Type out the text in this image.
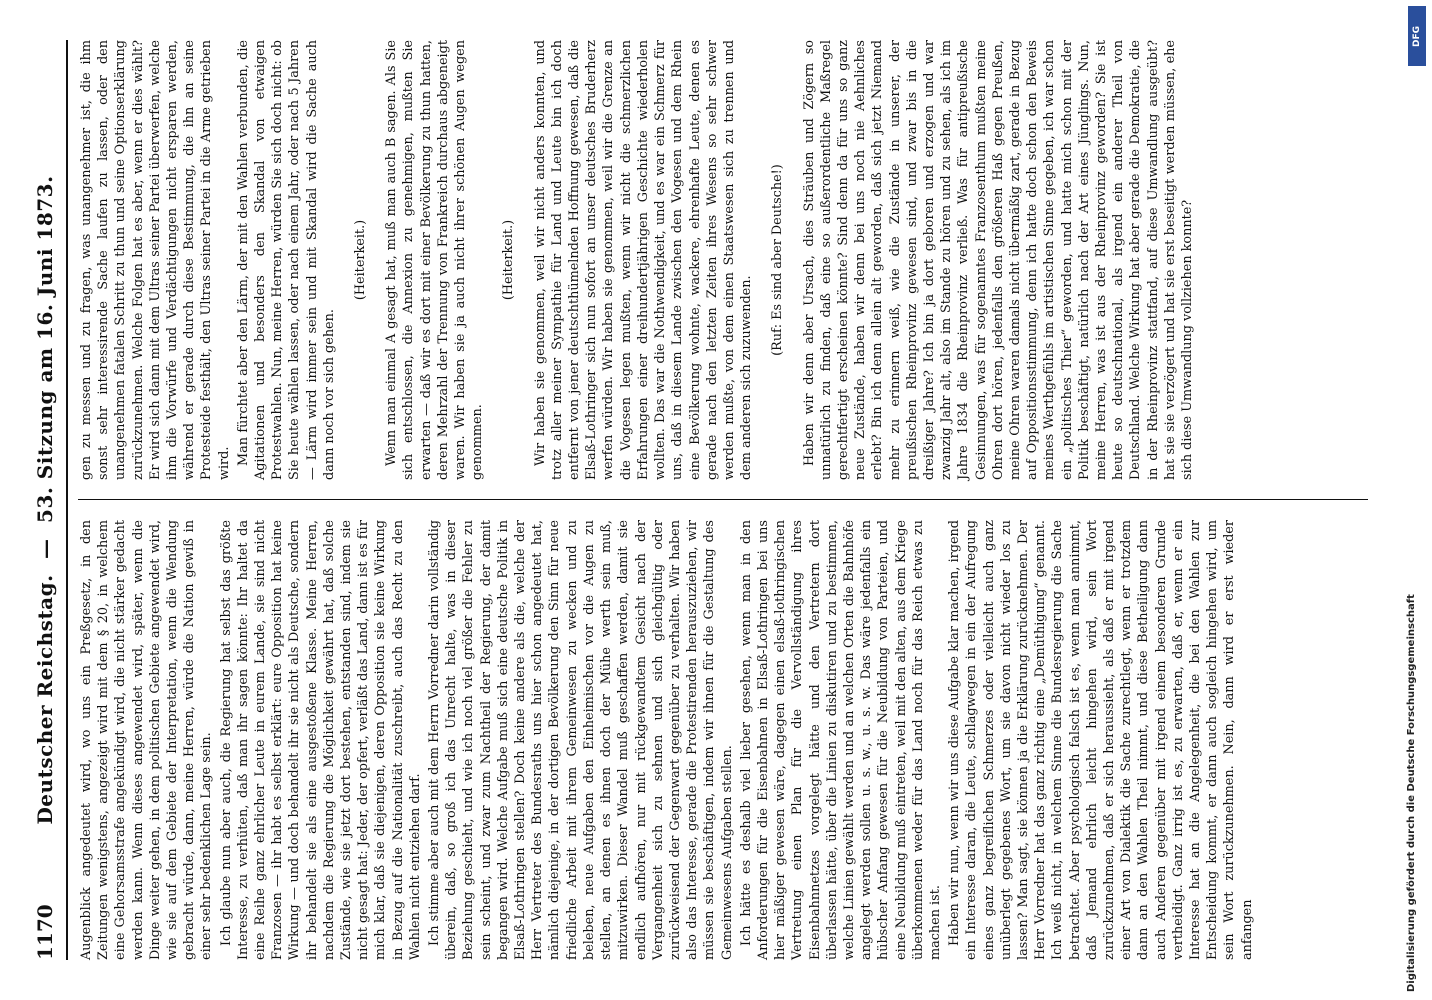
1170
Deutscher Reichstag. — 53. Sitzung am 16. Juni 1873.

Augenblick angedeutet wird, wo uns ein Preßgesetz, in den Zeitungen wenigstens, angezeigt wird mit dem § 20, in welchem eine Gehorsamsstrafe angekündigt wird, die nicht stärker gedacht werden kann. Wenn dieses angewendet wird, später, wenn die Dinge weiter gehen, in dem politischen Gebiete angewendet wird, wie sie auf dem Gebiete der Interpretation, wenn die Wendung gebracht würde, dann, meine Herren, würde die Nation gewiß in einer sehr bedenklichen Lage sein. Ich glaube nun aber auch, die Regierung hat selbst das größte Interesse, zu verhüten, daß man ihr sagen könnte: Ihr haltet da eine Reihe ganz ehrlicher Leute in eurem Lande, sie sind nicht Franzosen — ihr habt es selbst erklärt: eure Opposition hat keine Wirkung — und doch behandelt ihr sie nicht als Deutsche, sondern ihr behandelt sie als eine ausgestoßene Klasse. Meine Herren, nachdem die Regierung die Möglichkeit gewährt hat, daß solche Zustände, wie sie jetzt dort bestehen, entstanden sind, indem sie nicht gesagt hat: Jeder, der opfert, verläßt das Land, dann ist es für mich klar, daß sie diejenigen, deren Opposition sie keine Wirkung in Bezug auf die Nationalität zuschreibt, auch das Recht zu den Wahlen nicht entziehen darf. Ich stimme aber auch mit dem Herrn Vorredner darin vollständig überein, daß, so groß ich das Unrecht halte, was in dieser Beziehung geschieht, und wie ich noch viel größer die Fehler zu sein scheint, und zwar zum Nachtheil der Regierung, der damit begangen wird. Welche Aufgabe muß sich eine deutsche Politik in Elsaß-Lothringen stellen? Doch keine andere als die, welche der Herr Vertreter des Bundesraths uns hier schon angedeutet hat, nämlich diejenige, in der dortigen Bevölkerung den Sinn für neue friedliche Arbeit mit ihrem Gemeinwesen zu wecken und zu beleben, neue Aufgaben den Einheimischen vor die Augen zu stellen, an denen es ihnen doch der Mühe werth sein muß, mitzuwirken. Dieser Wandel muß geschaffen werden, damit sie endlich aufhören, nur mit rückgewandtem Gesicht nach der Vergangenheit sich zu sehnen und sich gleichgültig oder zurückweisend der Gegenwart gegenüber zu verhalten. Wir haben also das Interesse, gerade die Protestirenden herauszuziehen, wir müssen sie beschäftigen, indem wir ihnen für die Gestaltung des Gemeinwesens Aufgaben stellen. Ich hätte es deshalb viel lieber gesehen, wenn man in den Anforderungen für die Eisenbahnen in Elsaß-Lothringen bei uns hier mäßiger gewesen wäre, dagegen einen elsaß-lothringischen Vertretung einen Plan für die Vervollständigung ihres Eisenbahnnetzes vorgelegt hätte und den Vertretern dort überlassen hätte, über die Linien zu diskutiren und zu bestimmen, welche Linien gewählt werden und an welchen Orten die Bahnhöfe angelegt werden sollen u. s. w., u. s. w. Das wäre jedenfalls ein hübscher Anfang gewesen für die Neubildung von Parteien, und eine Neubildung muß eintreten, weil mit den alten, aus dem Kriege überkommenen weder für das Land noch für das Reich etwas zu machen ist. Haben wir nun, wenn wir uns diese Aufgabe klar machen, irgend ein Interesse daran, die Leute, schlagwegen in ein der Aufregung eines ganz begreiflichen Schmerzes oder vielleicht auch ganz unüberlegt gegebenes Wort, um sie davon nicht wieder los zu lassen? Man sagt, sie können ja die Erklärung zurücknehmen. Der Herr Vorredner hat das ganz richtig eine „Demüthigung“ genannt. Ich weiß nicht, in welchem Sinne die Bundesregierung die Sache betrachtet. Aber psychologisch falsch ist es, wenn man annimmt, daß Jemand ehrlich leicht hingehen wird, sein Wort zurückzunehmen, daß er sich heraussieht, als daß er mit irgend einer Art von Dialektik die Sache zurechtlegt, wenn er trotzdem dann an den Wahlen Theil nimmt, und diese Betheiligung dann auch Anderen gegenüber mit irgend einem besonderen Grunde vertheidigt. Ganz irrig ist es, zu erwarten, daß er, wenn er ein Interesse hat an die Angelegenheit, die bei den Wahlen zur Entscheidung kommt, er dann auch sogleich hingehen wird, um sein Wort zurückzunehmen. Nein, dann wird er erst wieder anfangen

gen zu messen und zu fragen, was unangenehmer ist, die ihm sonst sehr interessirende Sache laufen zu lassen, oder den unangenehmen fatalen Schritt zu thun und seine Optionserklärung zurückzunehmen. Welche Folgen hat es aber, wenn er dies wählt? Er wird sich dann mit dem Ultras seiner Partei überwerfen, welche ihm die Vorwürfe und Verdächtigungen nicht ersparen werden, während er gerade durch diese Bestimmung, die ihn an seine Protesteide festhält, den Ultras seiner Partei in die Arme getrieben wird. Man fürchtet aber den Lärm, der mit den Wahlen verbunden, die Agitationen und besonders den Skandal von etwaigen Protestwahlen. Nun, meine Herren, würden Sie sich doch nicht: ob Sie heute wählen lassen, oder nach einem Jahr, oder nach 5 Jahren — Lärm wird immer sein und mit Skandal wird die Sache auch dann noch vor sich gehen.

(Heiterkeit.) Wenn man einmal A gesagt hat, muß man auch B sagen. Als Sie sich entschlossen, die Annexion zu genehmigen, mußten Sie erwarten — daß wir es dort mit einer Bevölkerung zu thun hatten, deren Mehrzahl der Trennung von Frankreich durchaus abgeneigt waren. Wir haben sie ja auch nicht ihrer schönen Augen wegen genommen.

(Heiterkeit.) Wir haben sie genommen, weil wir nicht anders konnten, und trotz aller meiner Sympathie für Land und Leute bin ich doch entfernt von jener deutschthümelnden Hoffnung gewesen, daß die Elsaß-Lothringer sich nun sofort an unser deutsches Bruderherz werfen würden. Wir haben sie genommen, weil wir die Grenze an die Vogesen legen mußten, wenn wir nicht die schmerzlichen Erfahrungen einer dreihundertjährigen Geschichte wiederholen wollten. Das war die Nothwendigkeit, und es war ein Schmerz für uns, daß in diesem Lande zwischen den Vogesen und dem Rhein eine Bevölkerung wohnte, wackere, ehrenhafte Leute, denen es gerade nach den letzten Zeiten ihres Wesens so sehr schwer werden mußte, von dem einen Staatswesen sich zu trennen und dem anderen sich zuzuwenden.

(Ruf: Es sind aber Deutsche!) Haben wir denn aber Ursach, dies Sträuben und Zögern so unnatürlich zu finden, daß eine so außerordentliche Maßregel gerechtfertigt erscheinen könnte? Sind denn da für uns so ganz neue Zustände, haben wir denn bei uns noch nie Aehnliches erlebt? Bin ich denn allein alt geworden, daß sich jetzt Niemand mehr zu erinnern weiß, wie die Zustände in unserer, der preußischen Rheinprovinz gewesen sind, und zwar bis in die dreißiger Jahre? Ich bin ja dort geboren und erzogen und war zwanzig Jahr alt, also im Stande zu hören und zu sehen, als ich im Jahre 1834 die Rheinprovinz verließ. Was für antipreußische Gesinnungen, was für sogenanntes Franzosenthum mußten meine Ohren dort hören, jedenfalls den größeren Haß gegen Preußen, meine Ohren waren damals nicht übermäßig zart, gerade in Bezug auf Oppositionsstimmung, denn ich hatte doch schon den Beweis meines Werthgefühls im artistischen Sinne gegeben, ich war schon ein „politisches Thier“ geworden, und hatte mich schon mit der Politik beschäftigt, natürlich nach der Art eines Jünglings. Nun, meine Herren, was ist aus der Rheinprovinz geworden? Sie ist heute so deutschnational, als irgend ein anderer Theil von Deutschland. Welche Wirkung hat aber gerade die Demokratie, die in der Rheinprovinz stattfand, auf diese Umwandlung ausgeübt? hat sie sie verzögert und hat sie erst beseitigt werden müssen, ehe sich diese Umwandlung vollziehen konnte?

DFG
Digitalisierung gefördert durch die Deutsche Forschungsgemeinschaft
